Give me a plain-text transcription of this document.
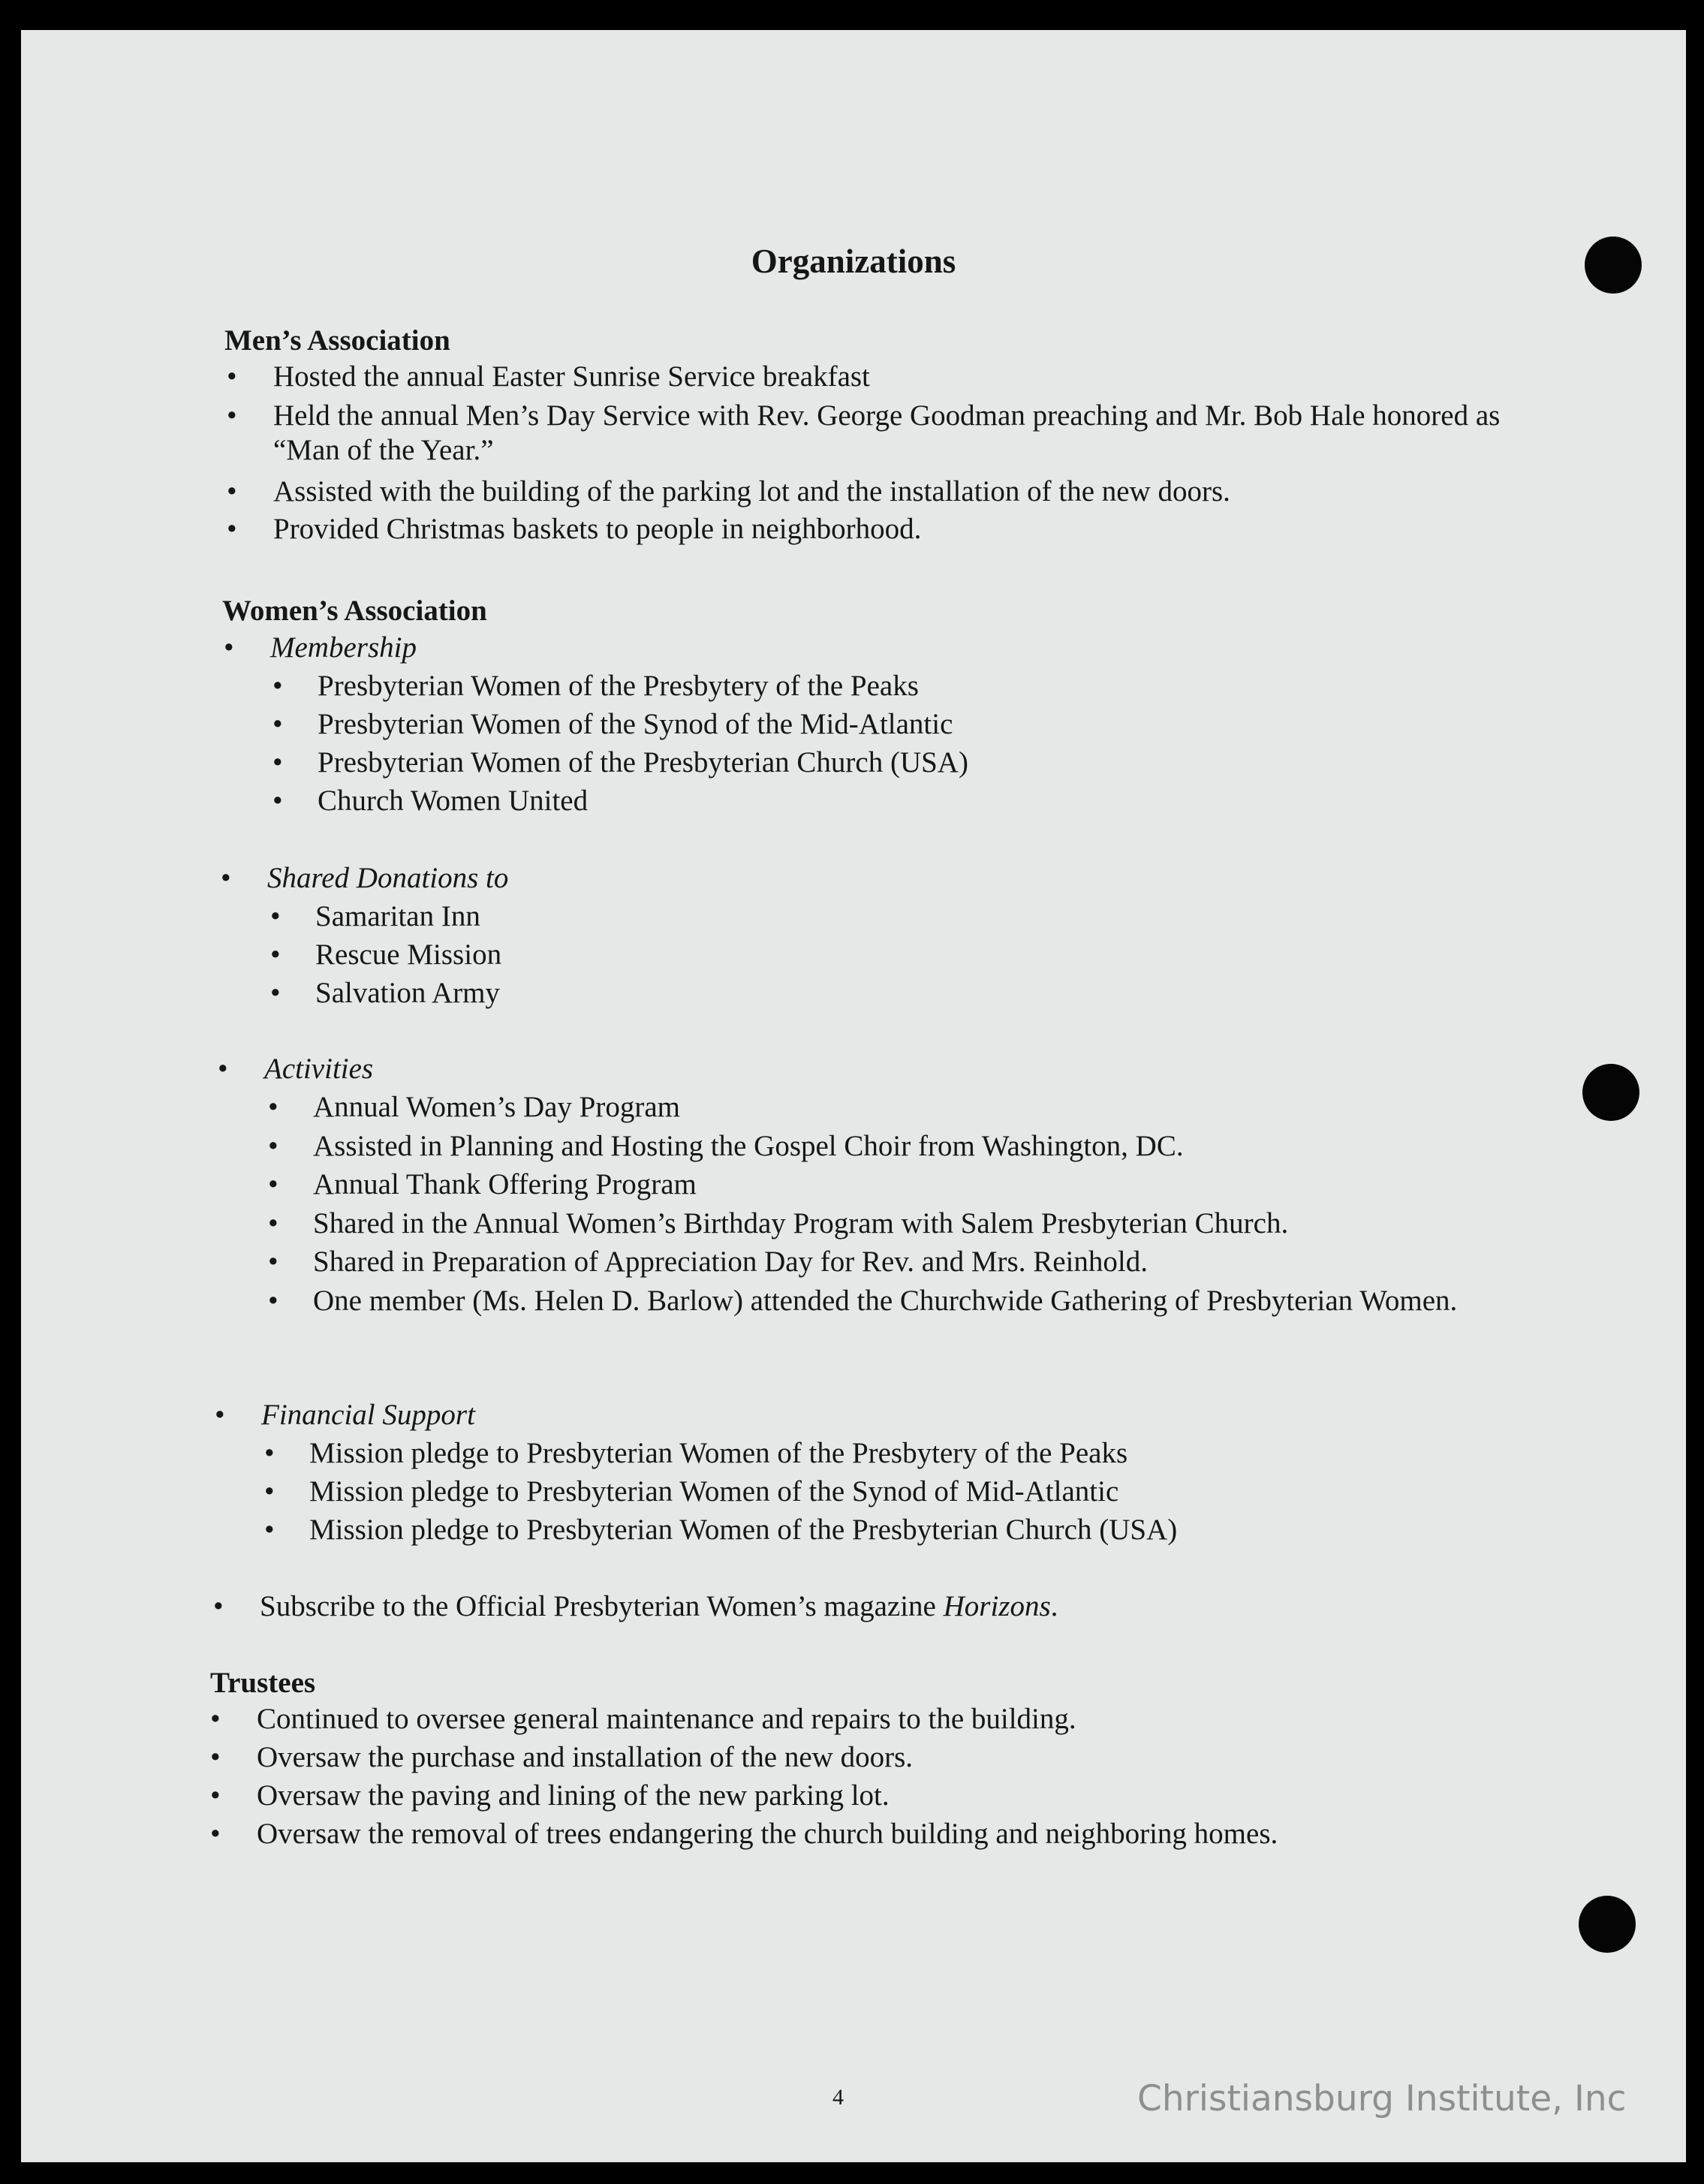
Organizations
Men’s Association
• Hosted the annual Easter Sunrise Service breakfast
• Held the annual Men’s Day Service with Rev. George Goodman preaching and Mr. Bob Hale honored as “Man of the Year.”
• Assisted with the building of the parking lot and the installation of the new doors.
• Provided Christmas baskets to people in neighborhood.
Women’s Association
• Membership
• Presbyterian Women of the Presbytery of the Peaks
• Presbyterian Women of the Synod of the Mid-Atlantic
• Presbyterian Women of the Presbyterian Church (USA)
• Church Women United
• Shared Donations to
• Samaritan Inn
• Rescue Mission
• Salvation Army
• Activities
• Annual Women’s Day Program
• Assisted in Planning and Hosting the Gospel Choir from Washington, DC.
• Annual Thank Offering Program
• Shared in the Annual Women’s Birthday Program with Salem Presbyterian Church.
• Shared in Preparation of Appreciation Day for Rev. and Mrs. Reinhold.
• One member (Ms. Helen D. Barlow) attended the Churchwide Gathering of Presbyterian Women.
• Financial Support
• Mission pledge to Presbyterian Women of the Presbytery of the Peaks
• Mission pledge to Presbyterian Women of the Synod of Mid-Atlantic
• Mission pledge to Presbyterian Women of the Presbyterian Church (USA)
• Subscribe to the Official Presbyterian Women’s magazine Horizons.
Trustees
• Continued to oversee general maintenance and repairs to the building.
• Oversaw the purchase and installation of the new doors.
• Oversaw the paving and lining of the new parking lot.
• Oversaw the removal of trees endangering the church building and neighboring homes.
4	Christiansburg Institute, Inc
